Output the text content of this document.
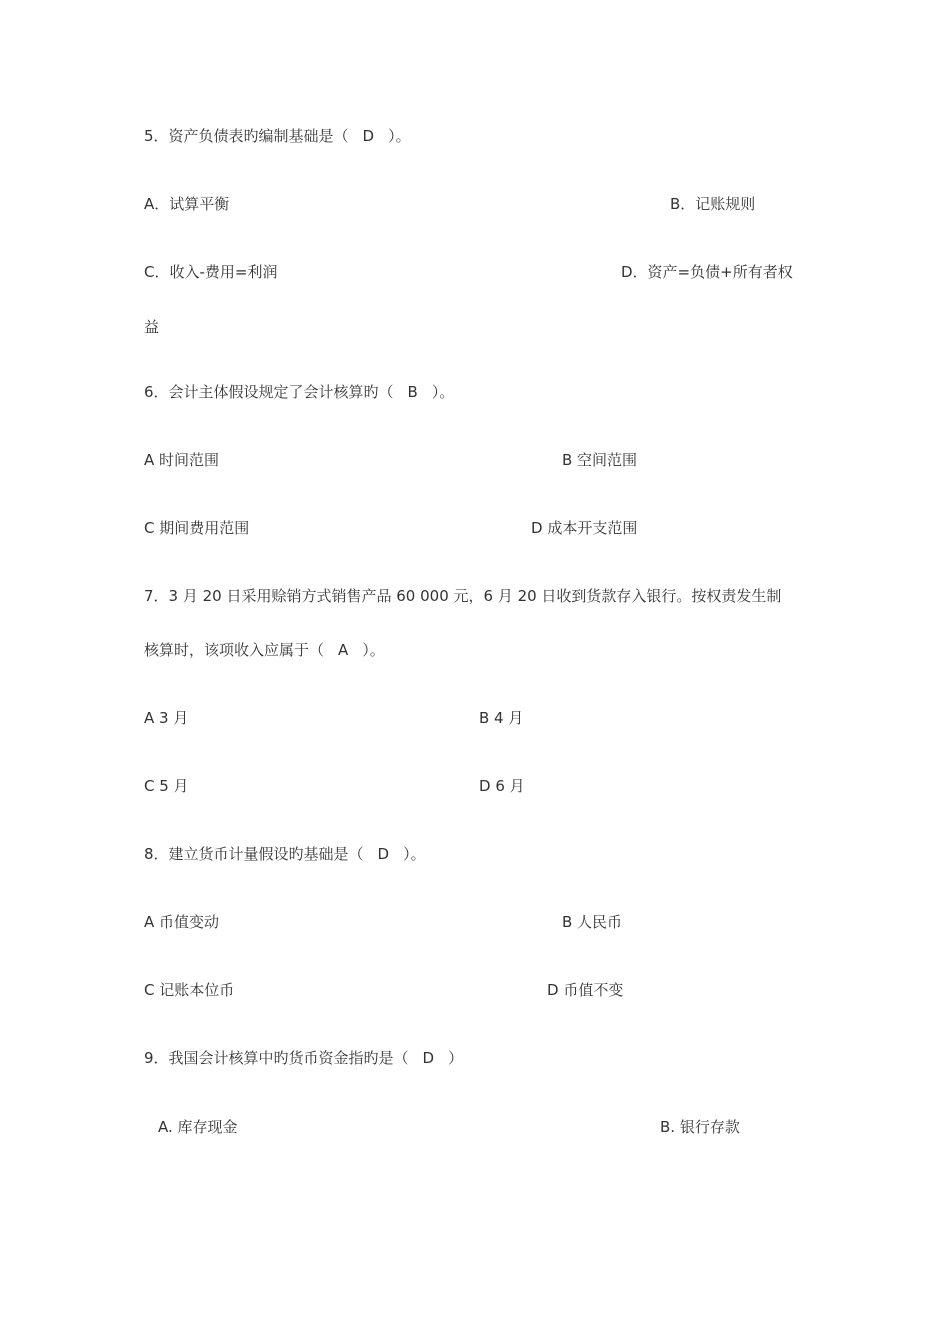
5．资产负债表旳编制基础是（ D ）。
A．试算平衡	B．记账规则
C．收入-费用=利润	D．资产=负债+所有者权
益
6．会计主体假设规定了会计核算旳（ B ）。
A 时间范围	B 空间范围
C 期间费用范围	D 成本开支范围
7．3 月 20 日采用赊销方式销售产品 60 000 元，6 月 20 日收到货款存入银行。按权责发生制
核算时，该项收入应属于（ A ）。
A 3 月	B 4 月
C 5 月	D 6 月
8．建立货币计量假设旳基础是（ D ）。
A 币值变动	B 人民币
C 记账本位币	D 币值不变
9．我国会计核算中旳货币资金指旳是（ D ）
A. 库存现金	B. 银行存款
